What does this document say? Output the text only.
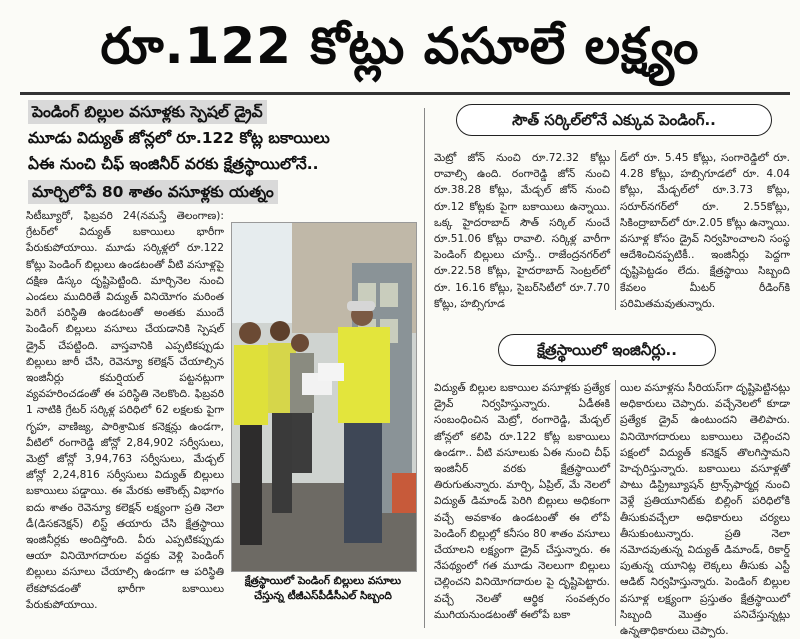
రూ.122 కోట్లు వసూలే లక్ష్యం
పెండింగ్ బిల్లుల వసూళ్లకు స్పెషల్ డ్రైవ్
మూడు విద్యుత్ జోన్లలో రూ.122 కోట్ల బకాయిలు
ఏఈ నుంచి చీఫ్ ఇంజినీర్ వరకు క్షేత్రస్థాయిలోనే..
మార్చిలోపే 80 శాతం వసూళ్లకు యత్నం

సిటీబ్యూరో, ఫిబ్రవరి 24(నమస్తే తెలంగాణ): గ్రేటర్‌లో విద్యుత్ బకాయిలు భారీగా పేరుకుపోయాయి. మూడు సర్కిళ్లలో రూ.122 కోట్లు పెండింగ్ బిల్లులు ఉండటంతో వీటి వసూళ్లపై దక్షిణ డిస్కం దృష్టిపెట్టింది. మార్చినెల నుంచి ఎండలు ముదిరితే విద్యుత్ వినియోగం మరింత పెరిగే పరిస్థితి ఉండటంతో అంతకు ముందే పెండింగ్ బిల్లులు వసూలు చేయడానికి స్పెషల్ డ్రైవ్ చేపట్టింది. వాస్తవానికి ఎప్పటికప్పుడు బిల్లులు జారీ చేసి, రెవెన్యూ కలెక్షన్ చేయాల్సిన ఇంజినీర్లు కమర్షియల్ పట్టనట్లుగా వ్యవహరించడంతో ఈ పరిస్థితి నెలకొంది. ఫిబ్రవరి 1 నాటికి గ్రేటర్ సర్కిళ్ల పరిధిలో 62 లక్షలకు పైగా గృహ, వాణిజ్య, పారిశ్రామిక కనెక్షన్లు ఉండగా, వీటిలో రంగారెడ్డి జోన్లో 2,84,902 సర్వీసులు, మెట్రో జోన్లో 3,94,763 సర్వీసులు, మేడ్చల్ జోన్లో 2,24,816 సర్వీసులు విద్యుత్ బిల్లులు బకాయిలు పడ్డాయి. ఈ మేరకు అకౌంట్స్ విభాగం ఐదు శాతం రెవెన్యూ కలెక్షన్ లక్ష్యంగా ప్రతి నెలా డీ(డిసకనెక్షన్) లిస్ట్ తయారు చేసి క్షేత్రస్థాయి ఇంజినీర్లకు అందిస్తోంది. వీరు ఎప్పటికప్పుడు ఆయా వినియోగదారుల వద్దకు వెళ్లి పెండింగ్ బిల్లులు వసూలు చేయాల్సి ఉండగా ఆ పరిస్థితి లేకపోవడంతో భారీగా బకాయిలు పేరుకుపోయాయి.

క్షేత్రస్థాయిలో పెండింగ్ బిల్లులు వసూలు చేస్తున్న టీజీఎస్‌పీడీసీఎల్ సిబ్బంది
సౌత్ సర్కిల్‌లోనే ఎక్కువ పెండింగ్..

మెట్రో జోన్ నుంచి రూ.72.32 కోట్లు రావాల్సి ఉంది. రంగారెడ్డి జోన్ నుంచి రూ.38.28 కోట్లు, మేడ్చల్ జోన్ నుంచి రూ.12 కోట్లకు పైగా బకాయిలు ఉన్నాయి. ఒక్క హైదరాబాద్ సౌత్ సర్కిల్ నుంచే రూ.51.06 కోట్లు రావాలి. సర్కిళ్ల వారీగా పెండింగ్ బిల్లులు చూస్తే.. రాజేంద్రనగర్‌లో రూ.22.58 కోట్లు, హైదరాబాద్ సెంట్రల్‌లో రూ. 16.16 కోట్లు, సైబర్‌సిటీలో రూ.7.70 కోట్లు, హబ్సిగూడ

డ్‌లో రూ. 5.45 కోట్లు, సంగారెడ్డిలో రూ. 4.28 కోట్లు, హబ్సిగూడలో రూ. 4.04 కోట్లు, మేడ్చల్‌లో రూ.3.73 కోట్లు, సరూర్‌నగర్‌లో రూ. 2.55కోట్లు, సికింద్రాబాద్‌లో రూ.2.05 కోట్లు ఉన్నాయి. వసూళ్ల కోసం డ్రైవ్ నిర్వహించాలని సంస్థ ఆదేశించినప్పటికీ.. ఇంజినీర్లు పెద్దగా దృష్టిపెట్టడం లేదు. క్షేత్రస్థాయి సిబ్బంది కేవలం మీటర్ రీడింగ్‌కి పరిమితమవుతున్నారు.

క్షేత్రస్థాయిలో ఇంజినీర్లు..

విద్యుత్ బిల్లుల బకాయిల వసూళ్లకు ప్రత్యేక డ్రైవ్ నిర్వహిస్తున్నారు. ఏడీఈకి సంబంధించిన మెట్రో, రంగారెడ్డి, మేడ్చల్ జోన్లలో కలిపి రూ.122 కోట్ల బకాయిలు ఉండగా.. వీటి వసూలుకు ఏఈ నుంచి చీఫ్ ఇంజినీర్ వరకు క్షేత్రస్థాయిలో తిరుగుతున్నారు. మార్చి, ఏప్రిల్, మే నెలలో విద్యుత్ డిమాండ్ పెరిగి బిల్లులు అధికంగా వచ్చే అవకాశం ఉండటంతో ఈ లోపే పెండింగ్ బిల్లుల్లో కనీసం 80 శాతం వసూలు చేయాలని లక్ష్యంగా డ్రైవ్ చేస్తున్నారు. ఈ నేపథ్యంలో గత మూడు నెలలుగా బిల్లులు చెల్లించని వినియోగదారుల పై దృష్టిపెట్టారు. వచ్చే నెలతో ఆర్థిక సంవత్సరం ముగియనుండటంతో ఈలోపే బకా

యిల వసూళ్లను సీరియస్‌గా దృష్టిపెట్టినట్లు అధికారులు చెప్పారు. వచ్చేనెలలో కూడా ప్రత్యేక డ్రైవ్ ఉంటుందని తెలిపారు. వినియోగదారులు బకాయిలు చెల్లించని పక్షంలో విద్యుత్ కనెక్షన్ తొలగిస్తామని హెచ్చరిస్తున్నారు. బకాయిలు వసూళ్లతో పాటు డిస్ట్రిబ్యూషన్ ట్రాన్స్‌ఫార్మర్ల నుంచి వెళ్లే ప్రతియూనిట్‌కు బిల్లింగ్ పరిధిలోకి తీసుకువచ్చేలా అధికారులు చర్యలు తీసుకుంటున్నారు. ప్రతి నెలా నమోదవుతున్న విద్యుత్ డిమాండ్, రికార్డ్ పుతున్న యూనిట్ల లెక్కలు తీసుకు ఎస్టీ ఆడిట్ నిర్వహిస్తున్నారు. పెండింగ్ బిల్లుల వసూళ్ల లక్ష్యంగా ప్రస్తుతం క్షేత్రస్థాయిలో సిబ్బంది మొత్తం పనిచేస్తున్నట్లు ఉన్నతాధికారులు చెప్పారు.
